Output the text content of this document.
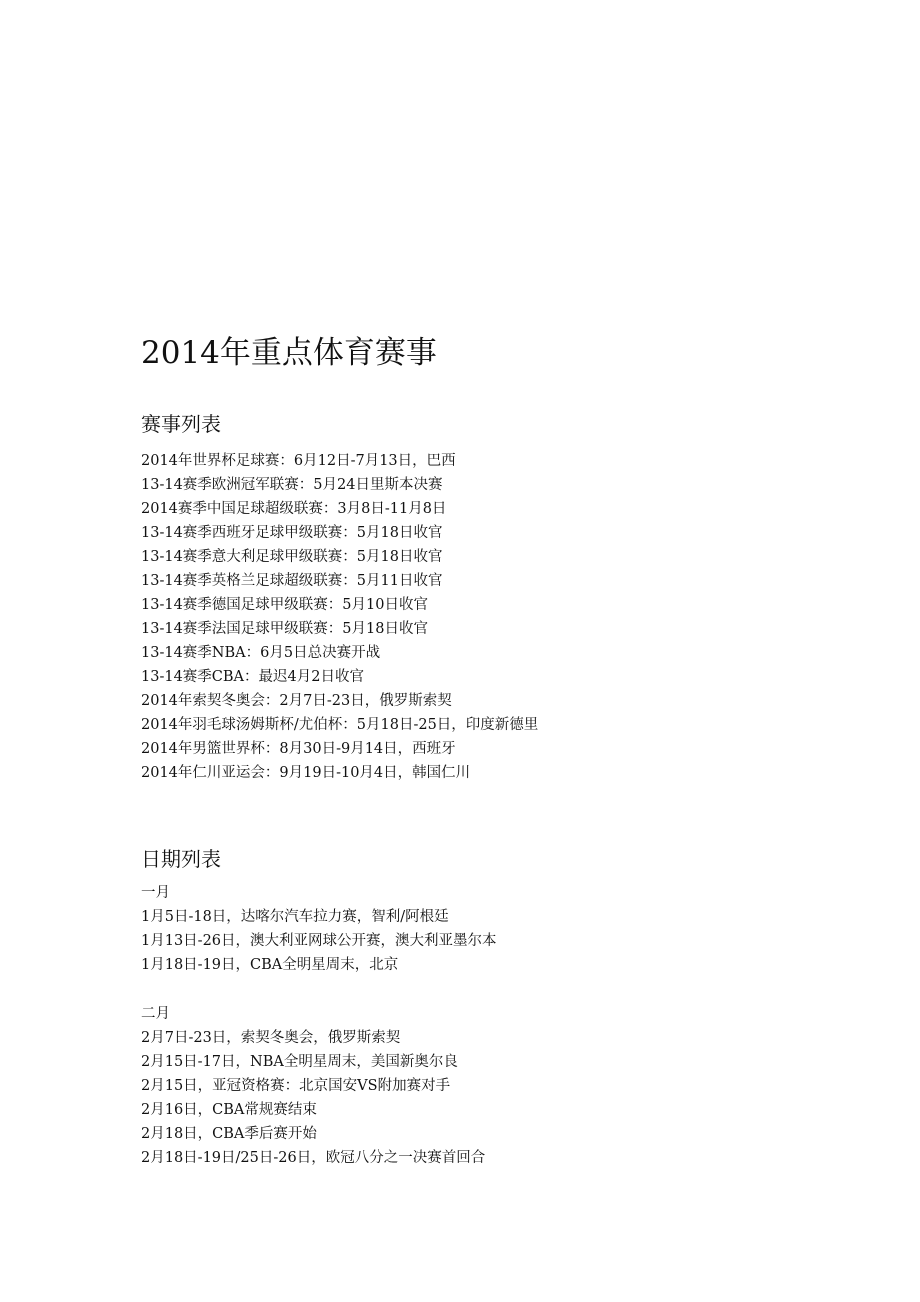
2014年重点体育赛事
赛事列表
2014年世界杯足球赛：6月12日-7月13日，巴西
13-14赛季欧洲冠军联赛：5月24日里斯本决赛
2014赛季中国足球超级联赛：3月8日-11月8日
13-14赛季西班牙足球甲级联赛：5月18日收官
13-14赛季意大利足球甲级联赛：5月18日收官
13-14赛季英格兰足球超级联赛：5月11日收官
13-14赛季德国足球甲级联赛：5月10日收官
13-14赛季法国足球甲级联赛：5月18日收官
13-14赛季NBA：6月5日总决赛开战
13-14赛季CBA：最迟4月2日收官
2014年索契冬奥会：2月7日-23日，俄罗斯索契
2014年羽毛球汤姆斯杯/尤伯杯：5月18日-25日，印度新德里
2014年男篮世界杯：8月30日-9月14日，西班牙
2014年仁川亚运会：9月19日-10月4日，韩国仁川
日期列表
一月
1月5日-18日，达喀尔汽车拉力赛，智利/阿根廷
1月13日-26日，澳大利亚网球公开赛，澳大利亚墨尔本
1月18日-19日，CBA全明星周末，北京
二月
2月7日-23日，索契冬奥会，俄罗斯索契
2月15日-17日，NBA全明星周末，美国新奥尔良
2月15日，亚冠资格赛：北京国安VS附加赛对手
2月16日，CBA常规赛结束
2月18日，CBA季后赛开始
2月18日-19日/25日-26日，欧冠八分之一决赛首回合
